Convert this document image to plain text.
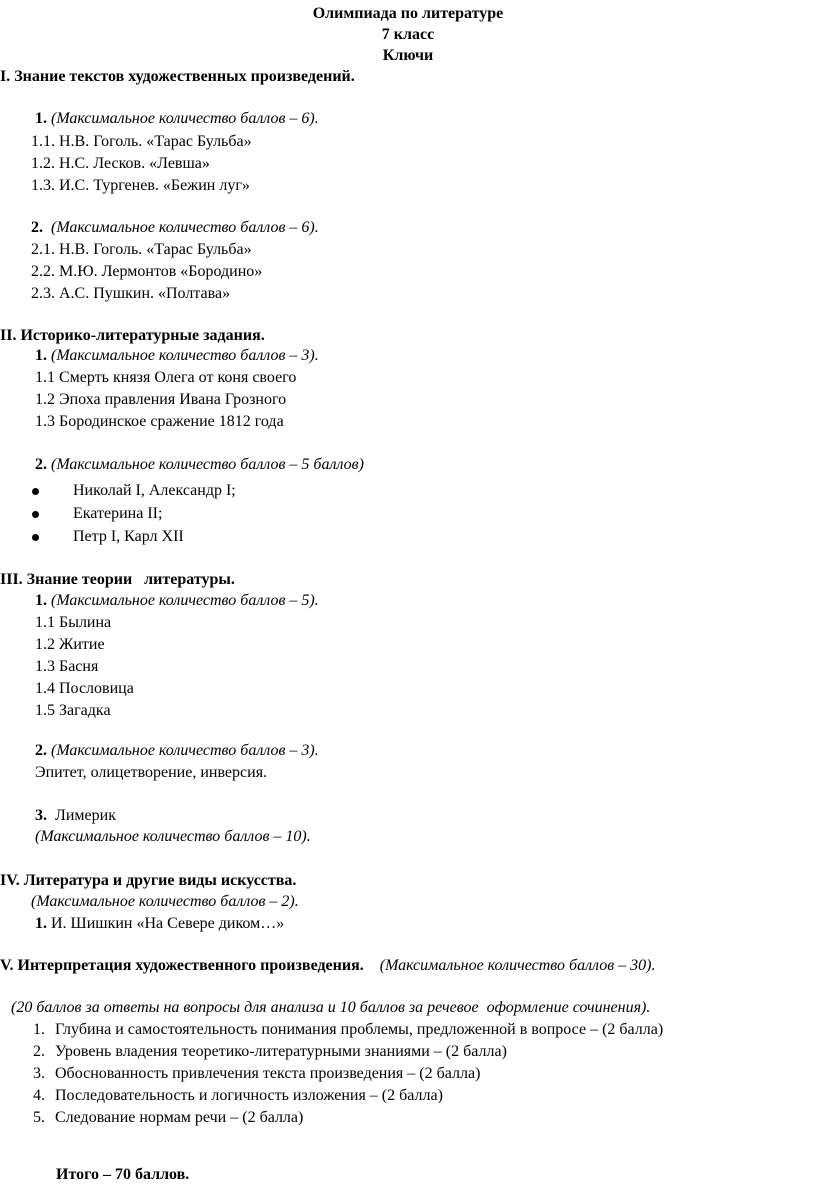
Олимпиада по литературе
7 класс
Ключи
I. Знание текстов художественных произведений.
1. (Максимальное количество баллов – 6).
1.1. Н.В. Гоголь. «Тарас Бульба»
1.2. Н.С. Лесков. «Левша»
1.3. И.С. Тургенев. «Бежин луг»
2. (Максимальное количество баллов – 6).
2.1. Н.В. Гоголь. «Тарас Бульба»
2.2. М.Ю. Лермонтов «Бородино»
2.3. А.С. Пушкин. «Полтава»
II. Историко-литературные задания.
1. (Максимальное количество баллов – 3).
1.1 Смерть князя Олега от коня своего
1.2 Эпоха правления Ивана Грозного
1.3 Бородинское сражение 1812 года
2. (Максимальное количество баллов – 5 баллов)
Николай I, Александр I;
Екатерина II;
Петр I, Карл XII
III. Знание теории   литературы.
1. (Максимальное количество баллов – 5).
1.1 Былина
1.2 Житие
1.3 Басня
1.4 Пословица
1.5 Загадка
2. (Максимальное количество баллов – 3).
Эпитет, олицетворение, инверсия.
3. Лимерик
(Максимальное количество баллов – 10).
IV. Литература и другие виды искусства.
(Максимальное количество баллов – 2).
1. И. Шишкин «На Севере диком…»
V. Интерпретация художественного произведения. (Максимальное количество баллов – 30).
(20 баллов за ответы на вопросы для анализа и 10 баллов за речевое  оформление сочинения).
1. Глубина и самостоятельность понимания проблемы, предложенной в вопросе – (2 балла)
2. Уровень владения теоретико-литературными знаниями – (2 балла)
3. Обоснованность привлечения текста произведения – (2 балла)
4. Последовательность и логичность изложения – (2 балла)
5. Следование нормам речи – (2 балла)
Итого – 70 баллов.
